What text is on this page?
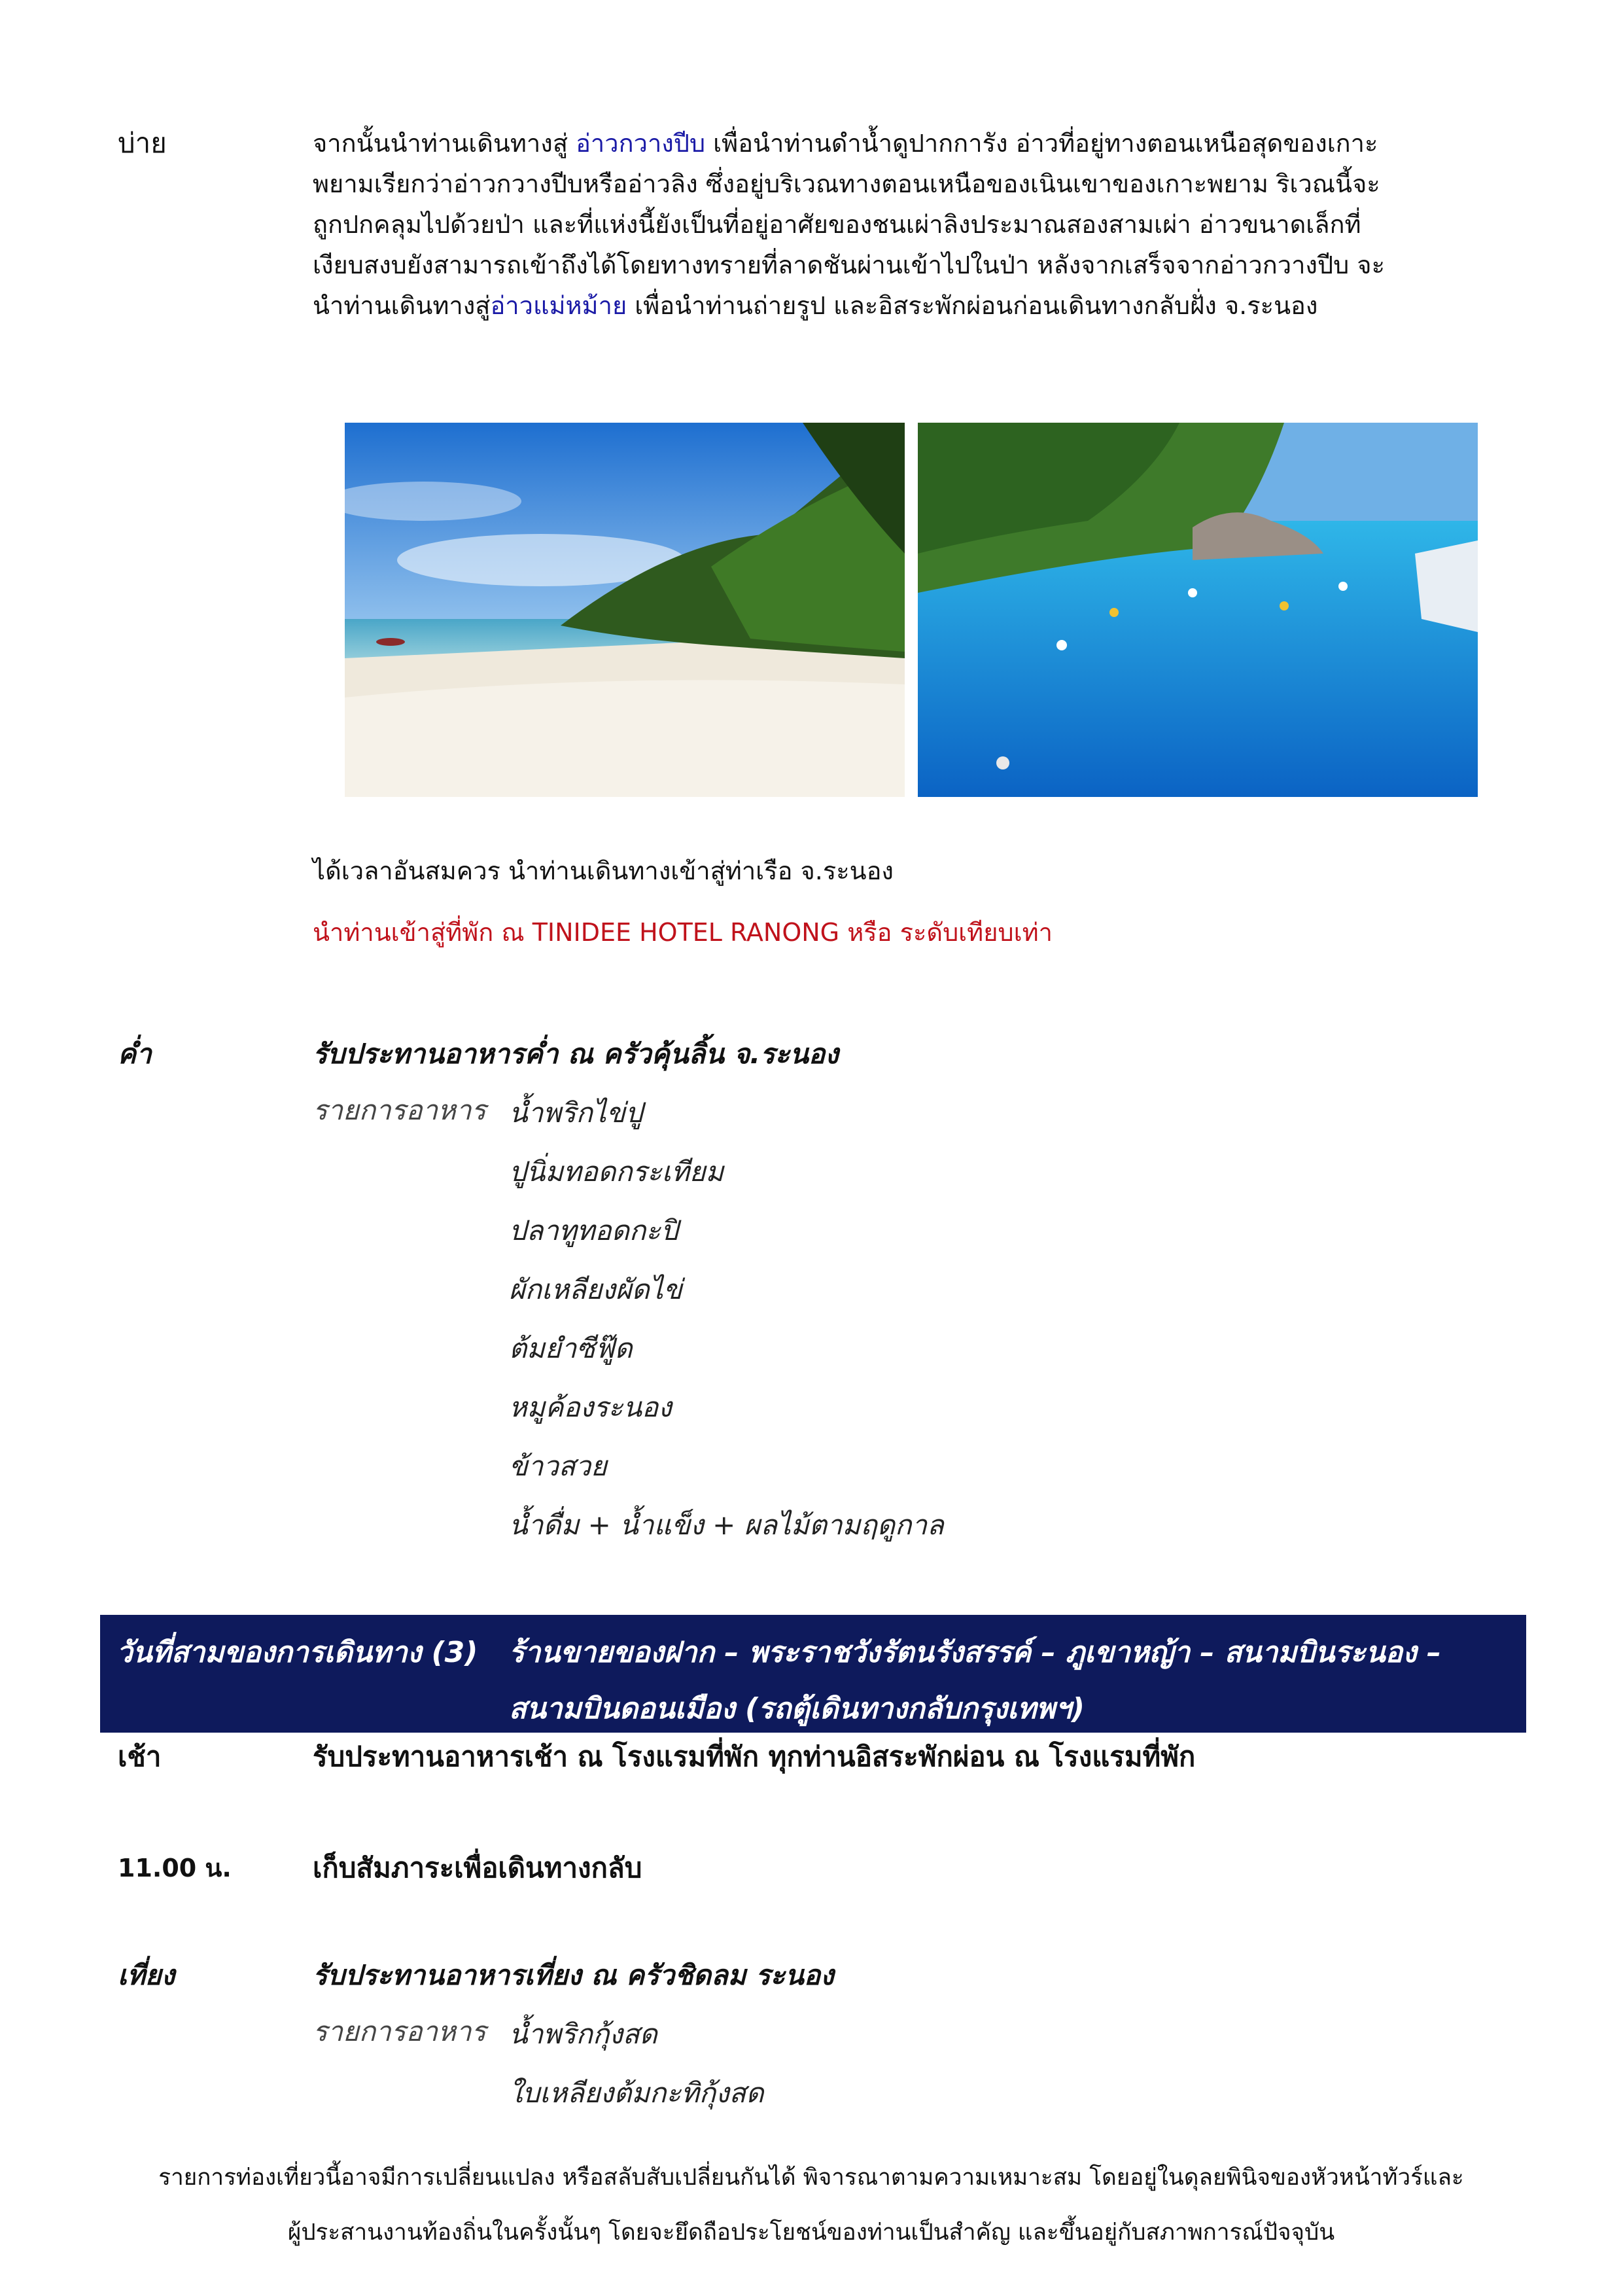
บ่าย	จากนั้นนำท่านเดินทางสู่ อ่าวกวางปีบ เพื่อนำท่านดำน้ำดูปากการัง อ่าวที่อยู่ทางตอนเหนือสุดของเกาะ
พยามเรียกว่าอ่าวกวางปีบหรืออ่าวลิง ซึ่งอยู่บริเวณทางตอนเหนือของเนินเขาของเกาะพยาม ริเวณนี้จะ
ถูกปกคลุมไปด้วยป่า และที่แห่งนี้ยังเป็นที่อยู่อาศัยของชนเผ่าลิงประมาณสองสามเผ่า อ่าวขนาดเล็กที่
เงียบสงบยังสามารถเข้าถึงได้โดยทางทรายที่ลาดชันผ่านเข้าไปในป่า หลังจากเสร็จจากอ่าวกวางปีบ จะ
นำท่านเดินทางสู่อ่าวแม่หม้าย เพื่อนำท่านถ่ายรูป และอิสระพักผ่อนก่อนเดินทางกลับฝั่ง จ.ระนอง
ได้เวลาอันสมควร นำท่านเดินทางเข้าสู่ท่าเรือ จ.ระนอง
นำท่านเข้าสู่ที่พัก ณ TINIDEE HOTEL RANONG หรือ ระดับเทียบเท่า
ค่ำ	รับประทานอาหารค่ำ ณ ครัวคุ้นลิ้น จ.ระนอง
รายการอาหาร น้ำพริกไข่ปู
ปูนิ่มทอดกระเทียม
ปลาทูทอดกะปิ
ผักเหลียงผัดไข่
ต้มยำซีฟู๊ด
หมูค้องระนอง
ข้าวสวย
น้ำดื่ม + น้ำแข็ง + ผลไม้ตามฤดูกาล
วันที่สามของการเดินทาง (3) ร้านขายของฝาก – พระราชวังรัตนรังสรรค์ – ภูเขาหญ้า – สนามบินระนอง –
สนามบินดอนเมือง (รถตู้เดินทางกลับกรุงเทพฯ)
เช้า	รับประทานอาหารเช้า ณ โรงแรมที่พัก ทุกท่านอิสระพักผ่อน ณ โรงแรมที่พัก
11.00 น.	เก็บสัมภาระเพื่อเดินทางกลับ
เที่ยง	รับประทานอาหารเที่ยง ณ ครัวชิดลม ระนอง
รายการอาหาร น้ำพริกกุ้งสด
ใบเหลียงต้มกะทิกุ้งสด
รายการท่องเที่ยวนี้อาจมีการเปลี่ยนแปลง หรือสลับสับเปลี่ยนกันได้ พิจารณาตามความเหมาะสม โดยอยู่ในดุลยพินิจของหัวหน้าทัวร์และ
ผู้ประสานงานท้องถิ่นในครั้งนั้นๆ โดยจะยึดถือประโยชน์ของท่านเป็นสำคัญ และขึ้นอยู่กับสภาพการณ์ปัจจุบัน
